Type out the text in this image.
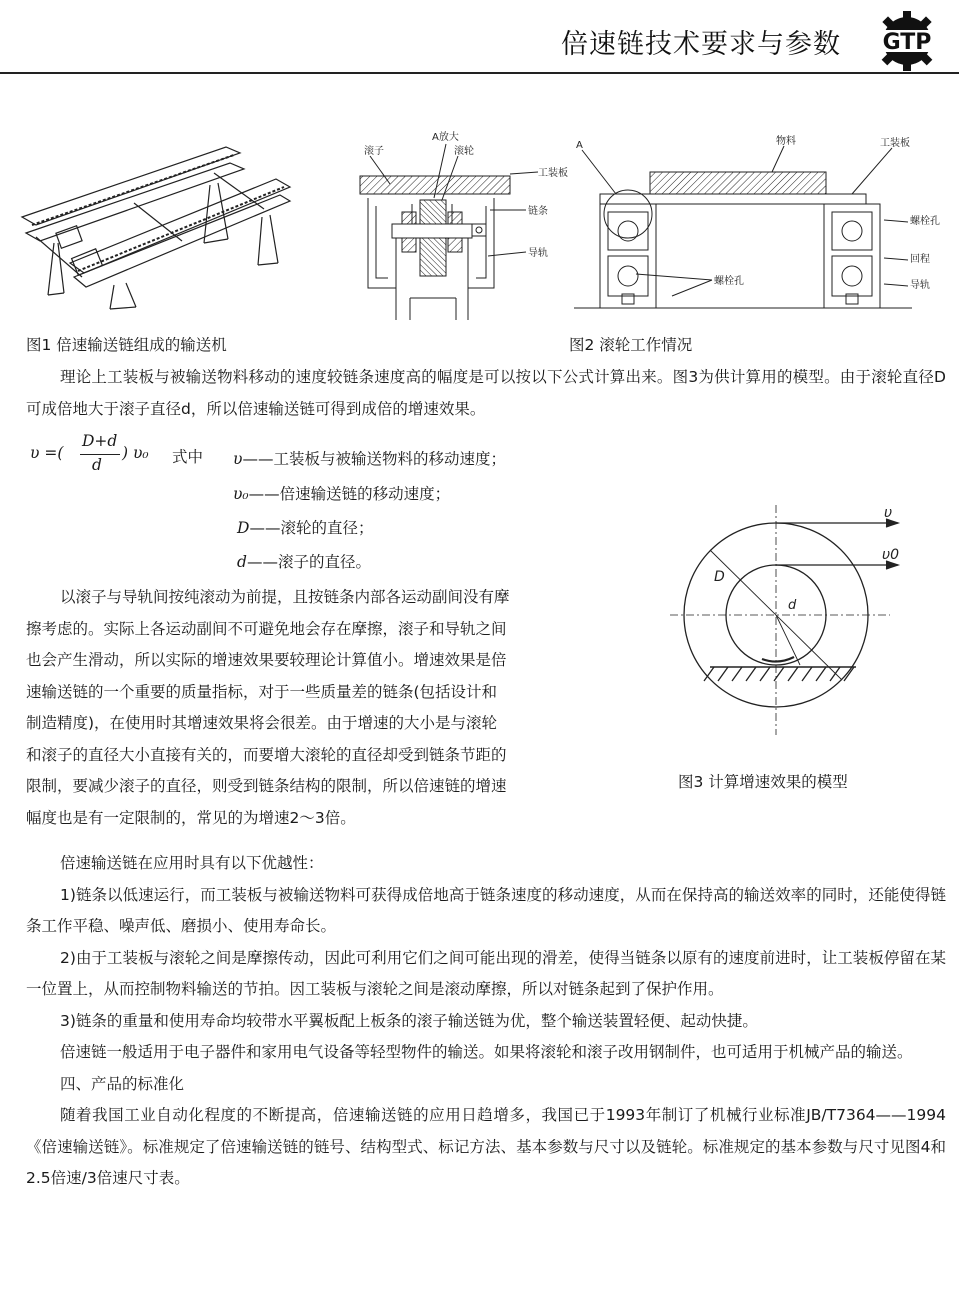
倍速链技术要求与参数 GTP
图1 倍速输送链组成的输送机
A放大
滚子	滚轮
工装板
链条
导轨
A	物料	工装板
螺栓孔
回程
导轨
螺栓孔
图2 滚轮工作情况
理论上工装板与被输送物料移动的速度较链条速度高的幅度是可以按以下公式计算出来。图3为供计算用的模型。由于滚轮直径D可成倍地大于滚子直径d，所以倍速输送链可得到成倍的增速效果。
υ =(
D+d
d
) υ₀ 式中 υ——工装板与被输送物料的移动速度；
υ₀——倍速输送链的移动速度；
D——滚轮的直径；
d——滚子的直径。
以滚子与导轨间按纯滚动为前提，且按链条内部各运动副间没有摩
擦考虑的。实际上各运动副间不可避免地会存在摩擦，滚子和导轨之间
也会产生滑动，所以实际的增速效果要较理论计算值小。增速效果是倍
速输送链的一个重要的质量指标，对于一些质量差的链条(包括设计和
制造精度)，在使用时其增速效果将会很差。由于增速的大小是与滚轮
和滚子的直径大小直接有关的，而要增大滚轮的直径却受到链条节距的
限制，要减少滚子的直径，则受到链条结构的限制，所以倍速链的增速
幅度也是有一定限制的，常见的为增速2～3倍。
υ
υ0
D
d
图3 计算增速效果的模型
倍速输送链在应用时具有以下优越性：
1)链条以低速运行，而工装板与被输送物料可获得成倍地高于链条速度的移动速度，从而在保持高的输送效率的同时，还能使得链条工作平稳、噪声低、磨损小、使用寿命长。
2)由于工装板与滚轮之间是摩擦传动，因此可利用它们之间可能出现的滑差，使得当链条以原有的速度前进时，让工装板停留在某一位置上，从而控制物料输送的节拍。因工装板与滚轮之间是滚动摩擦，所以对链条起到了保护作用。
3)链条的重量和使用寿命均较带水平翼板配上板条的滚子输送链为优，整个输送装置轻便、起动快捷。
倍速链一般适用于电子器件和家用电气设备等轻型物件的输送。如果将滚轮和滚子改用钢制件，也可适用于机械产品的输送。
四、产品的标准化
随着我国工业自动化程度的不断提高，倍速输送链的应用日趋增多，我国已于1993年制订了机械行业标准JB/T7364——1994《倍速输送链》。标准规定了倍速输送链的链号、结构型式、标记方法、基本参数与尺寸以及链轮。标准规定的基本参数与尺寸见图4和2.5倍速/3倍速尺寸表。
